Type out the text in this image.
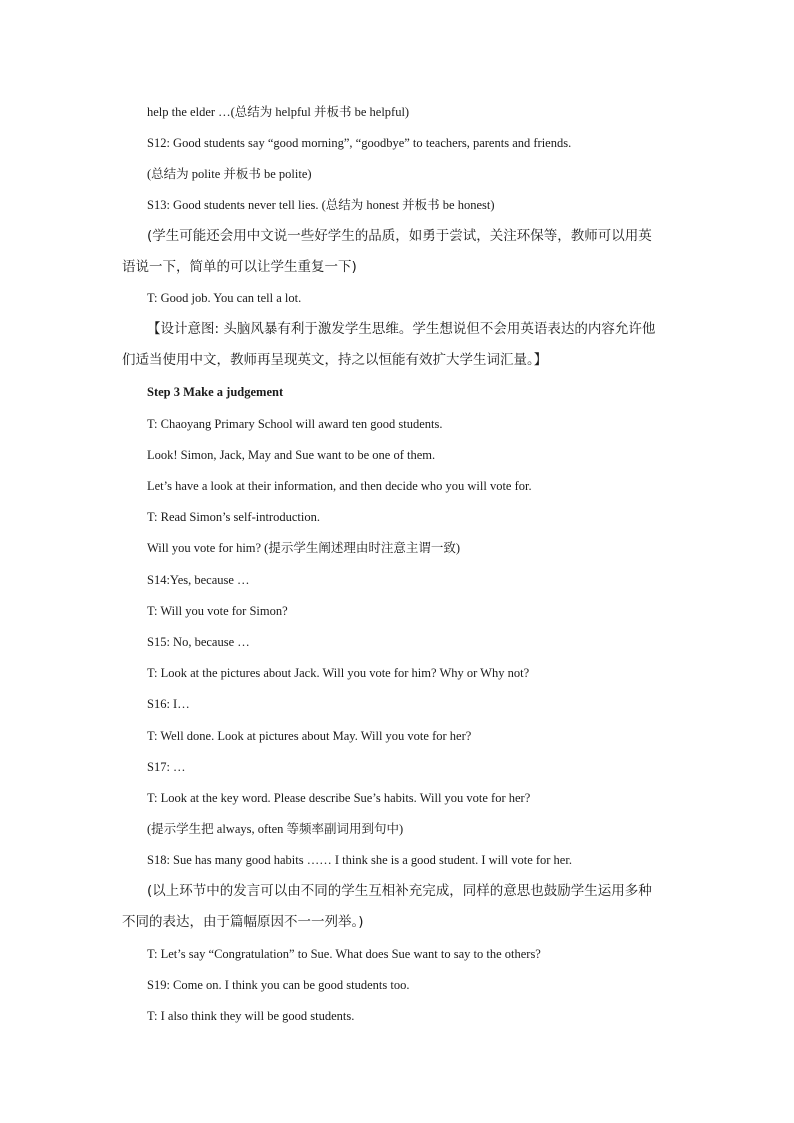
help the elder …(总结为 helpful 并板书 be helpful)
S12: Good students say “good morning”, “goodbye” to teachers, parents and friends.
(总结为 polite 并板书 be polite)
S13: Good students never tell lies. (总结为 honest 并板书 be honest)
(学生可能还会用中文说一些好学生的品质，如勇于尝试，关注环保等，教师可以用英
语说一下，简单的可以让学生重复一下)
T: Good job. You can tell a lot.
【设计意图: 头脑风暴有利于激发学生思维。学生想说但不会用英语表达的内容允许他
们适当使用中文，教师再呈现英文，持之以恒能有效扩大学生词汇量。】
Step 3 Make a judgement
T: Chaoyang Primary School will award ten good students.
Look! Simon, Jack, May and Sue want to be one of them.
Let’s have a look at their information, and then decide who you will vote for.
T: Read Simon’s self-introduction.
Will you vote for him? (提示学生阐述理由时注意主谓一致)
S14:Yes, because …
T: Will you vote for Simon?
S15: No, because …
T: Look at the pictures about Jack. Will you vote for him? Why or Why not?
S16: I…
T: Well done. Look at pictures about May. Will you vote for her?
S17: …
T: Look at the key word. Please describe Sue’s habits. Will you vote for her?
(提示学生把 always, often 等频率副词用到句中)
S18: Sue has many good habits …… I think she is a good student. I will vote for her.
(以上环节中的发言可以由不同的学生互相补充完成，同样的意思也鼓励学生运用多种
不同的表达，由于篇幅原因不一一列举。)
T: Let’s say “Congratulation” to Sue. What does Sue want to say to the others?
S19: Come on. I think you can be good students too.
T: I also think they will be good students.
